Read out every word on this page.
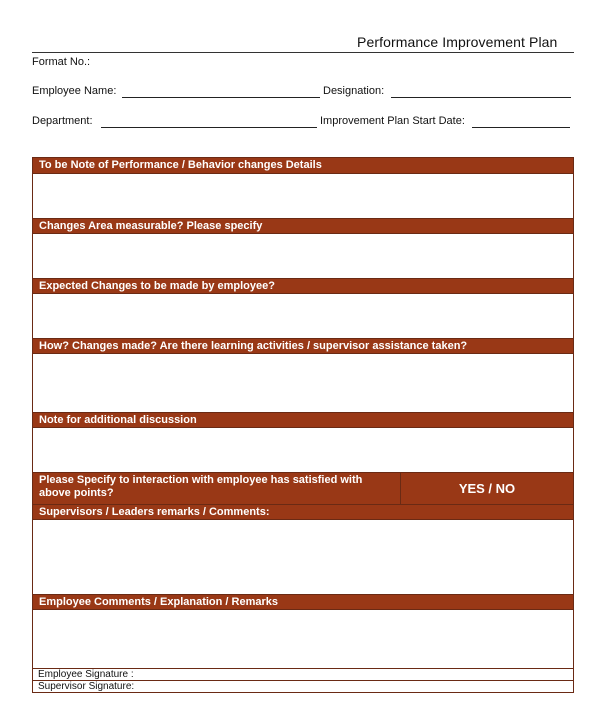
Performance Improvement Plan
Format No.:
Employee Name:	Designation:
Department:	Improvement Plan Start Date:
To be Note of Performance / Behavior changes Details
Changes Area measurable? Please specify
Expected Changes to be made by employee?
How? Changes made? Are there learning activities / supervisor assistance taken?
Note for additional discussion
Please Specify to interaction with employee has satisfied with above points?	YES / NO
Supervisors / Leaders remarks / Comments:
Employee Comments / Explanation / Remarks
Employee Signature :
Supervisor Signature:
